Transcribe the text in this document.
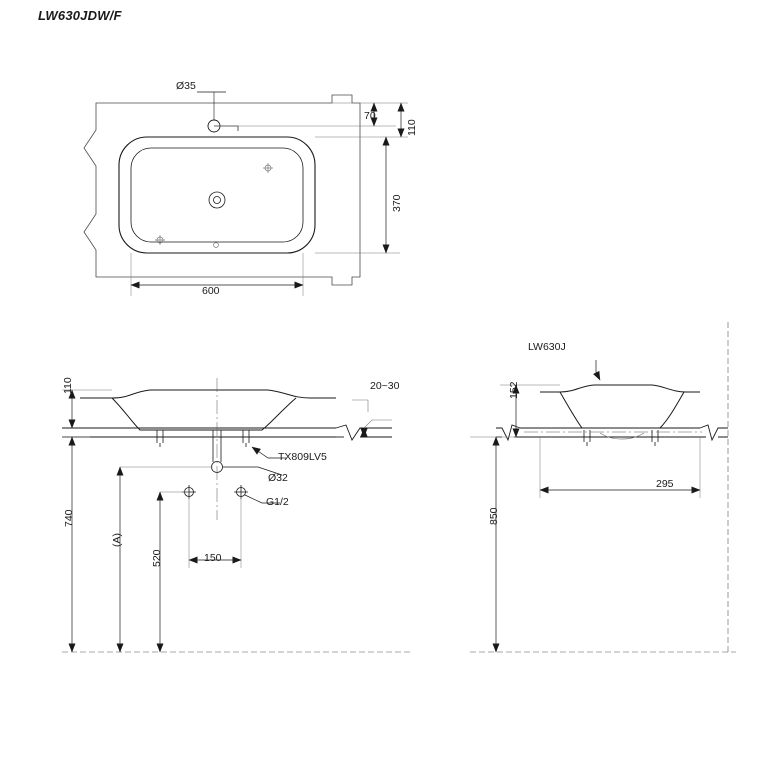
LW630JDW/F
Ø35
70
110
370
600
110	20~30
TX809LV5
Ø32
G1/2
150
520
(A)
740
LW630J
152
295
850
